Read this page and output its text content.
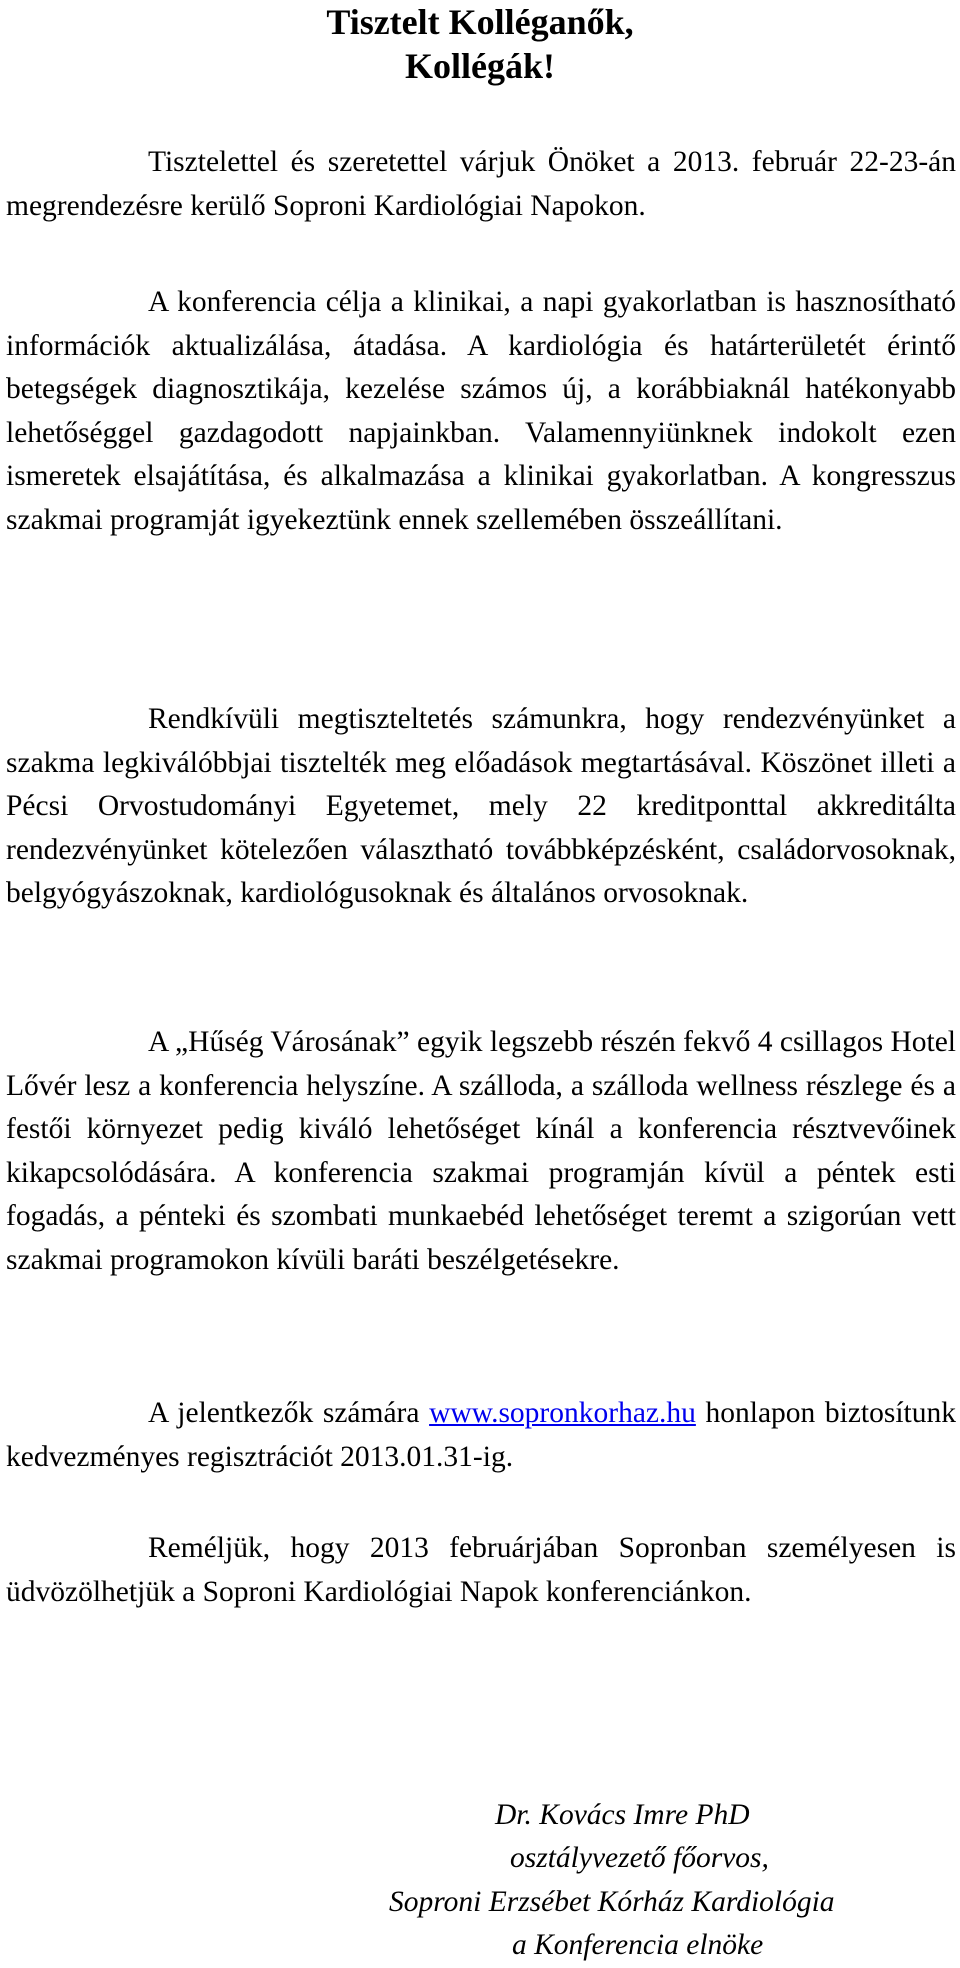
Tisztelt Kolléganők,
Kollégák!

Tisztelettel és szeretettel várjuk Önöket a 2013. február 22-23-án megrendezésre kerülő Soproni Kardiológiai Napokon.

A konferencia célja a klinikai, a napi gyakorlatban is hasznosítható információk aktualizálása, átadása. A kardiológia és határterületét érintő betegségek diagnosztikája, kezelése számos új, a korábbiaknál hatékonyabb lehetőséggel gazdagodott napjainkban. Valamennyiünknek indokolt ezen ismeretek elsajátítása, és alkalmazása a klinikai gyakorlatban. A kongresszus szakmai programját igyekeztünk ennek szellemében összeállítani.

Rendkívüli megtiszteltetés számunkra, hogy rendezvényünket a szakma legkiválóbbjai tisztelték meg előadások megtartásával. Köszönet illeti a Pécsi Orvostudományi Egyetemet, mely 22 kreditponttal akkreditálta rendezvényünket kötelezően választható továbbképzésként, családorvosoknak, belgyógyászoknak, kardiológusoknak és általános orvosoknak.

A „Hűség Városának” egyik legszebb részén fekvő 4 csillagos Hotel Lővér lesz a konferencia helyszíne. A szálloda, a szálloda wellness részlege és a festői környezet pedig kiváló lehetőséget kínál a konferencia résztvevőinek kikapcsolódására. A konferencia szakmai programján kívül a péntek esti fogadás, a pénteki és szombati munkaebéd lehetőséget teremt a szigorúan vett szakmai programokon kívüli baráti beszélgetésekre.

A jelentkezők számára www.sopronkorhaz.hu honlapon biztosítunk kedvezményes regisztrációt 2013.01.31-ig.

Reméljük, hogy 2013 februárjában Sopronban személyesen is üdvözölhetjük a Soproni Kardiológiai Napok konferenciánkon.

Dr. Kovács Imre PhD
osztályvezető főorvos,
Soproni Erzsébet Kórház Kardiológia
a Konferencia elnöke
